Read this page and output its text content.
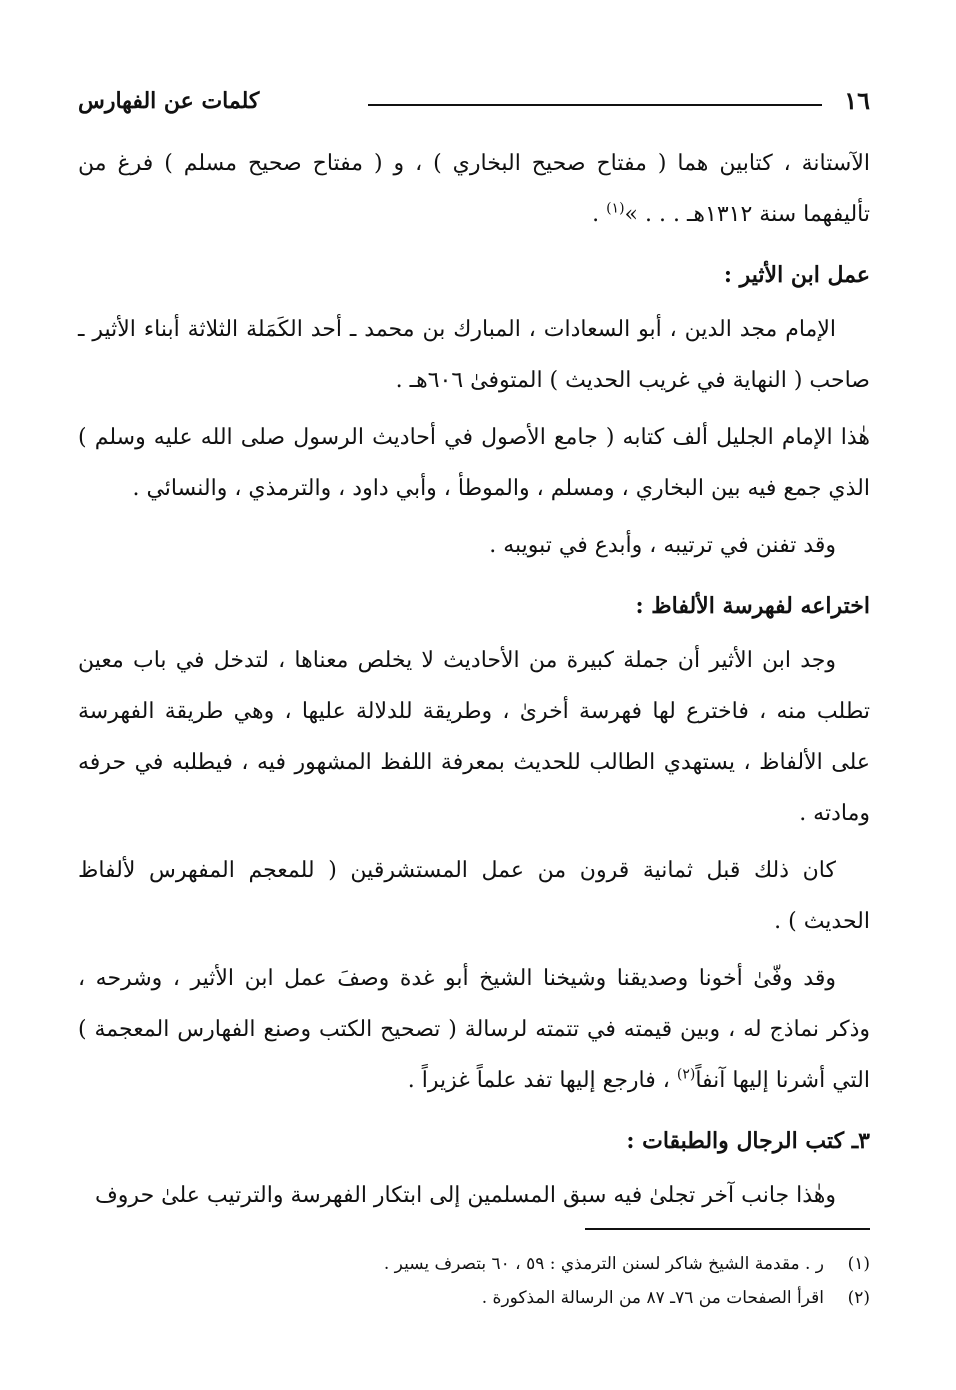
١٦
كلمات عن الفهارس

الآستانة ، كتابين هما ( مفتاح صحيح البخاري ) ، و ( مفتاح صحيح مسلم ) فرغ من تأليفهما سنة ١٣١٢هـ . . . »$^{(١)}$ .

عمل ابن الأثير :

الإمام مجد الدين ، أبو السعادات ، المبارك بن محمد ـ أحد الكَمَلة الثلاثة أبناء الأثير ـ صاحب ( النهاية في غريب الحديث ) المتوفىٰ ٦٠٦هـ .

هٰذا الإمام الجليل ألف كتابه ( جامع الأصول في أحاديث الرسول صلى الله عليه وسلم ) الذي جمع فيه بين البخاري ، ومسلم ، والموطأ ، وأبي داود ، والترمذي ، والنسائي .

وقد تفنن في ترتيبه ، وأبدع في تبويبه .

اختراعه لفهرسة الألفاظ :

وجد ابن الأثير أن جملة كبيرة من الأحاديث لا يخلص معناها ، لتدخل في باب معين تطلب منه ، فاخترع لها فهرسة أخرىٰ ، وطريقة للدلالة عليها ، وهي طريقة الفهرسة على الألفاظ ، يستهدي الطالب للحديث بمعرفة اللفظ المشهور فيه ، فيطلبه في حرفه ومادته .

كان ذلك قبل ثمانية قرون من عمل المستشرقين ( للمعجم المفهرس لألفاظ الحديث ) .

وقد وفّىٰ أخونا وصديقنا وشيخنا الشيخ أبو غدة وصفَ عمل ابن الأثير ، وشرحه ، وذكر نماذج له ، وبين قيمته في تتمته لرسالة ( تصحيح الكتب وصنع الفهارس المعجمة ) التي أشرنا إليها آنفاً$^{(٢)}$ ، فارجع إليها تفد علماً غزيراً .

٣ـ كتب الرجال والطبقات :

وهٰذا جانب آخر تجلىٰ فيه سبق المسلمين إلى ابتكار الفهرسة والترتيب علىٰ حروف

(١)ر . مقدمة الشيخ شاكر لسنن الترمذي : ٥٩ ، ٦٠ بتصرف يسير .
(٢)اقرأ الصفحات من ٧٦ـ ٨٧ من الرسالة المذكورة .
